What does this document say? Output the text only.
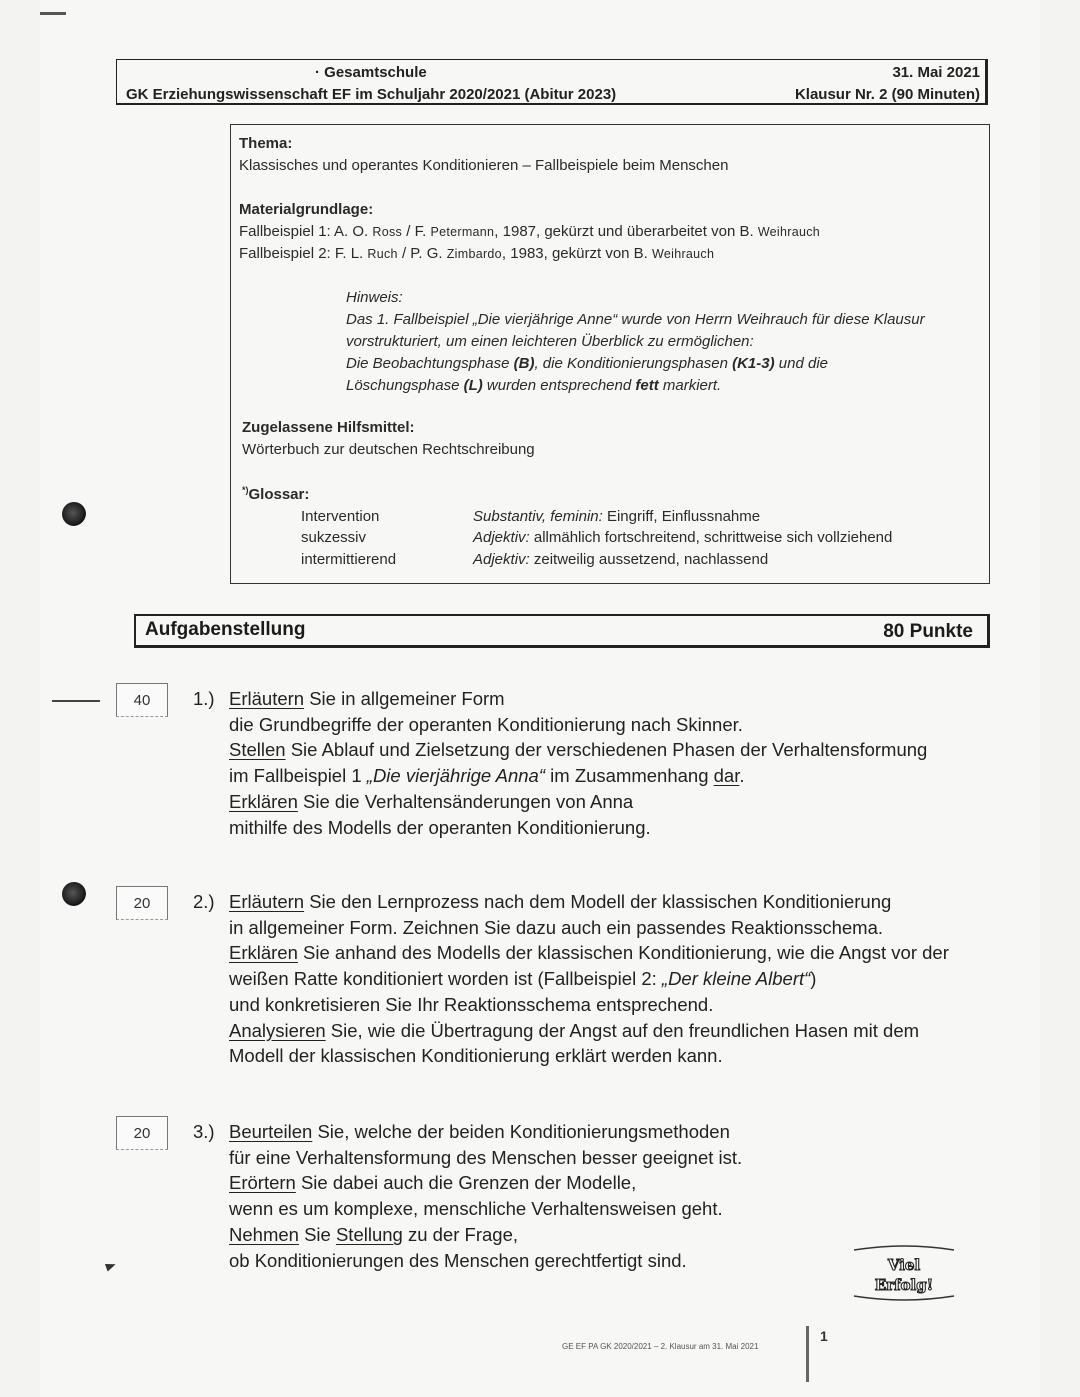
· Gesamtschule
GK Erziehungswissenschaft EF im Schuljahr 2020/2021 (Abitur 2023)
31. Mai 2021
Klausur Nr. 2 (90 Minuten)
Thema:
Klassisches und operantes Konditionieren – Fallbeispiele beim Menschen
Materialgrundlage:
Fallbeispiel 1: A. O. Ross / F. Petermann, 1987, gekürzt und überarbeitet von B. Weihrauch
Fallbeispiel 2: F. L. Ruch / P. G. Zimbardo, 1983, gekürzt von B. Weihrauch
Hinweis:
Das 1. Fallbeispiel „Die vierjährige Anne“ wurde von Herrn Weihrauch für diese Klausur
vorstrukturiert, um einen leichteren Überblick zu ermöglichen:
Die Beobachtungsphase (B), die Konditionierungsphasen (K1-3) und die
Löschungsphase (L) wurden entsprechend fett markiert.
Zugelassene Hilfsmittel:
Wörterbuch zur deutschen Rechtschreibung
*)Glossar:
Intervention	Substantiv, feminin: Eingriff, Einflussnahme
sukzessiv	Adjektiv: allmählich fortschreitend, schrittweise sich vollziehend
intermittierend	Adjektiv: zeitweilig aussetzend, nachlassend
Aufgabenstellung	80 Punkte
40	1.) Erläutern Sie in allgemeiner Form
die Grundbegriffe der operanten Konditionierung nach Skinner.
Stellen Sie Ablauf und Zielsetzung der verschiedenen Phasen der Verhaltensformung
im Fallbeispiel 1 „Die vierjährige Anna“ im Zusammenhang dar.
Erklären Sie die Verhaltensänderungen von Anna
mithilfe des Modells der operanten Konditionierung.
20	2.) Erläutern Sie den Lernprozess nach dem Modell der klassischen Konditionierung
in allgemeiner Form. Zeichnen Sie dazu auch ein passendes Reaktionsschema.
Erklären Sie anhand des Modells der klassischen Konditionierung, wie die Angst vor der
weißen Ratte konditioniert worden ist (Fallbeispiel 2: „Der kleine Albert“)
und konkretisieren Sie Ihr Reaktionsschema entsprechend.
Analysieren Sie, wie die Übertragung der Angst auf den freundlichen Hasen mit dem
Modell der klassischen Konditionierung erklärt werden kann.
20	3.) Beurteilen Sie, welche der beiden Konditionierungsmethoden
für eine Verhaltensformung des Menschen besser geeignet ist.
Erörtern Sie dabei auch die Grenzen der Modelle,
wenn es um komplexe, menschliche Verhaltensweisen geht.
Nehmen Sie Stellung zu der Frage,
ob Konditionierungen des Menschen gerechtfertigt sind.	Viel
Erfolg!
GE EF PA GK 2020/2021 – 2. Klausur am 31. Mai 2021
1
